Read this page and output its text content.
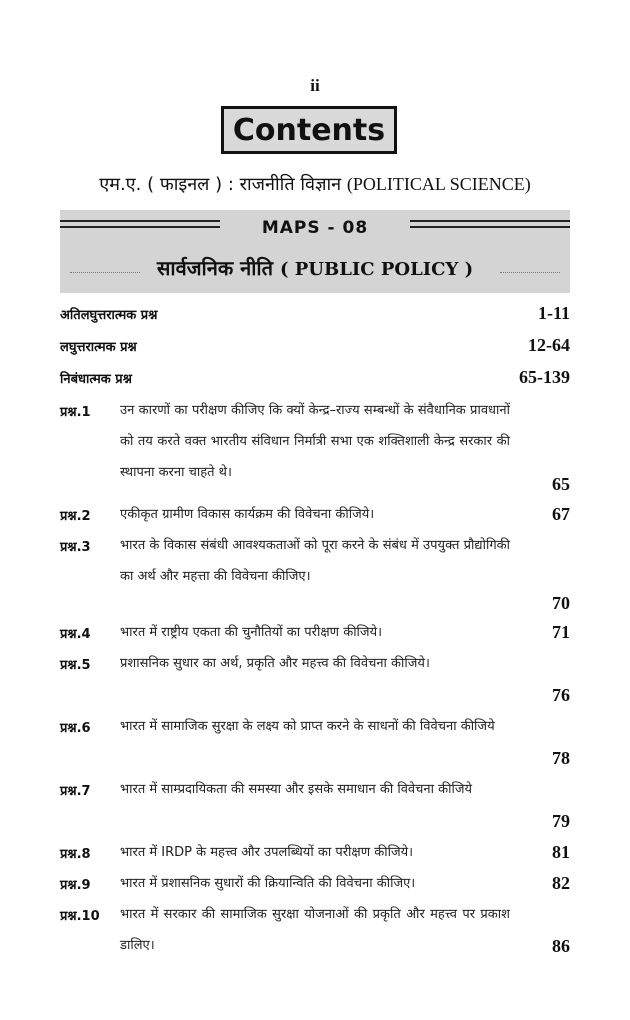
ii
Contents
एम.ए. ( फाइनल ) : राजनीति विज्ञान (POLITICAL SCIENCE)
MAPS - 08
सार्वजनिक नीति ( PUBLIC POLICY )
अतिलघुत्तरात्मक प्रश्न	1-11
लघुत्तरात्मक प्रश्न	12-64
निबंधात्मक प्रश्न	65-139
प्रश्न.1 उन कारणों का परीक्षण कीजिए कि क्यों केन्द्र–राज्य सम्बन्धों के संवैधानिक प्रावधानों को तय करते वक्त भारतीय संविधान निर्मात्री सभा एक शक्तिशाली केन्द्र सरकार की स्थापना करना चाहते थे।
65
प्रश्न.2 एकीकृत ग्रामीण विकास कार्यक्रम की विवेचना कीजिये।	67
प्रश्न.3 भारत के विकास संबंधी आवश्यकताओं को पूरा करने के संबंध में उपयुक्त प्रौद्योगिकी का अर्थ और महत्ता की विवेचना कीजिए।
70
प्रश्न.4 भारत में राष्ट्रीय एकता की चुनौतियों का परीक्षण कीजिये।	71
प्रश्न.5 प्रशासनिक सुधार का अर्थ, प्रकृति और महत्त्व की विवेचना कीजिये।
76
प्रश्न.6 भारत में सामाजिक सुरक्षा के लक्ष्य को प्राप्त करने के साधनों की विवेचना कीजिये
78
प्रश्न.7 भारत में साम्प्रदायिकता की समस्या और इसके समाधान की विवेचना कीजिये
79
प्रश्न.8 भारत में IRDP के महत्त्व और उपलब्धियों का परीक्षण कीजिये।	81
प्रश्न.9 भारत में प्रशासनिक सुधारों की क्रियान्विति की विवेचना कीजिए।	82
प्रश्न.10 भारत में सरकार की सामाजिक सुरक्षा योजनाओं की प्रकृति और महत्त्व पर प्रकाश डालिए।	86
